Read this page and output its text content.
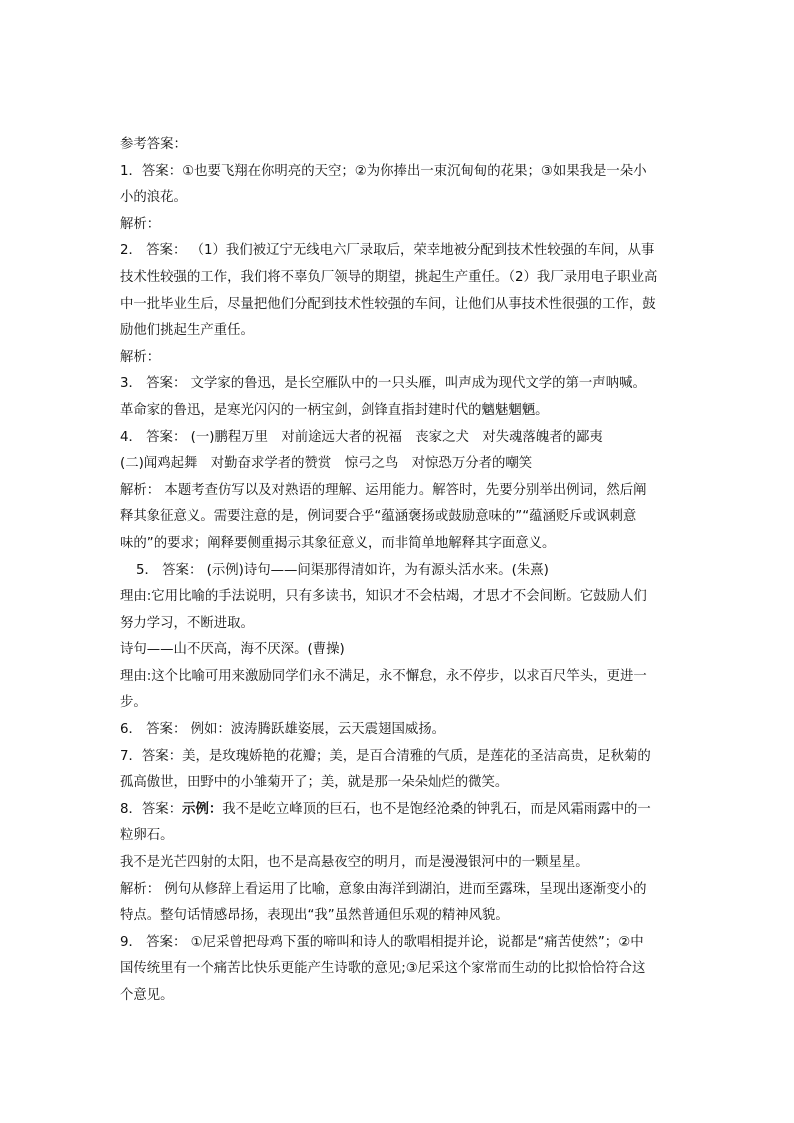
参考答案：
1．答案：①也要飞翔在你明亮的天空；②为你捧出一束沉甸甸的花果；③如果我是一朵小
小的浪花。
解析：
2． 答案： （1）我们被辽宁无线电六厂录取后，荣幸地被分配到技术性较强的车间，从事
技术性较强的工作，我们将不辜负厂领导的期望，挑起生产重任。（2）我厂录用电子职业高
中一批毕业生后，尽量把他们分配到技术性较强的车间，让他们从事技术性很强的工作，鼓
励他们挑起生产重任。
解析：
3． 答案： 文学家的鲁迅，是长空雁队中的一只头雁，叫声成为现代文学的第一声呐喊。
革命家的鲁迅，是寒光闪闪的一柄宝剑，剑锋直指封建时代的魑魅魍魉。
4． 答案： (一)鹏程万里　对前途远大者的祝福　丧家之犬　对失魂落魄者的鄙夷
(二)闻鸡起舞　对勤奋求学者的赞赏　惊弓之鸟　对惊恐万分者的嘲笑
解析： 本题考查仿写以及对熟语的理解、运用能力。解答时，先要分别举出例词，然后阐
释其象征意义。需要注意的是，例词要合乎“蕴涵褒扬或鼓励意味的”“蕴涵贬斥或讽刺意
味的”的要求；阐释要侧重揭示其象征意义，而非简单地解释其字面意义。
5． 答案： (示例)诗句——问渠那得清如许，为有源头活水来。(朱熹)
理由:它用比喻的手法说明，只有多读书，知识才不会枯竭，才思才不会间断。它鼓励人们
努力学习，不断进取。
诗句——山不厌高，海不厌深。(曹操)
理由:这个比喻可用来激励同学们永不满足，永不懈怠，永不停步，以求百尺竿头，更进一
步。
6． 答案： 例如：波涛腾跃雄姿展，云天震翅国威扬。
7．答案：美，是玫瑰娇艳的花瓣；美，是百合清雅的气质，是莲花的圣洁高贵，足秋菊的
孤高傲世，田野中的小雏菊开了；美，就是那一朵朵灿烂的微笑。
8．答案：示例：我不是屹立峰顶的巨石，也不是饱经沧桑的钟乳石，而是风霜雨露中的一
粒卵石。
我不是光芒四射的太阳，也不是高悬夜空的明月，而是漫漫银河中的一颗星星。
解析： 例句从修辞上看运用了比喻，意象由海洋到湖泊，进而至露珠，呈现出逐渐变小的
特点。整句话情感昂扬，表现出“我”虽然普通但乐观的精神风貌。
9． 答案： ①尼采曾把母鸡下蛋的啼叫和诗人的歌唱相提并论，说都是“痛苦使然”；②中
国传统里有一个痛苦比快乐更能产生诗歌的意见;③尼采这个家常而生动的比拟恰恰符合这
个意见。
